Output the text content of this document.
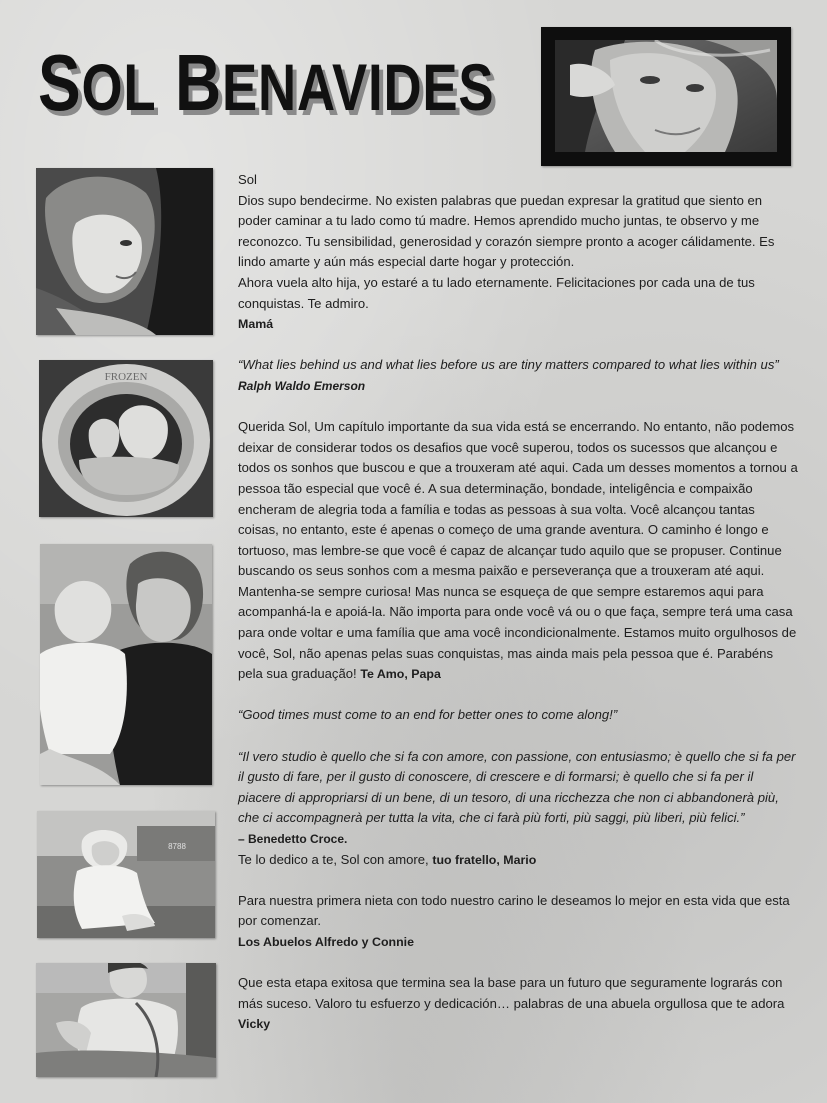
SOL BENAVIDES
FROZEN
8788

Sol

Dios supo bendecirme. No existen palabras que puedan expresar la gratitud que siento en poder caminar a tu lado como tú madre. Hemos aprendido mucho juntas, te observo y me reconozco. Tu sensibilidad, generosidad y corazón siempre pronto a acoger cálidamente. Es lindo amarte y aún más especial darte hogar y protección.

Ahora vuela alto hija, yo estaré a tu lado eternamente. Felicitaciones por cada una de tus conquistas. Te admiro.

Mamá

“What lies behind us and what lies before us are tiny matters compared to what lies within us”

Ralph Waldo Emerson

Querida Sol, Um capítulo importante da sua vida está se encerrando. No entanto, não podemos deixar de considerar todos os desafios que você superou, todos os sucessos que alcançou e todos os sonhos que buscou e que a trouxeram até aqui. Cada um desses momentos a tornou a pessoa tão especial que você é. A sua determinação, bondade, inteligência e compaixão encheram de alegria toda a família e todas as pessoas à sua volta. Você alcançou tantas coisas, no entanto, este é apenas o começo de uma grande aventura. O caminho é longo e tortuoso, mas lembre-se que você é capaz de alcançar tudo aquilo que se propuser. Continue buscando os seus sonhos com a mesma paixão e perseverança que a trouxeram até aqui. Mantenha-se sempre curiosa! Mas nunca se esqueça de que sempre estaremos aqui para acompanhá-la e apoiá-la. Não importa para onde você vá ou o que faça, sempre terá uma casa para onde voltar e uma família que ama você incondicionalmente. Estamos muito orgulhosos de você, Sol, não apenas pelas suas conquistas, mas ainda mais pela pessoa que é. Parabéns pela sua graduação! Te Amo, Papa

“Good times must come to an end for better ones to come along!”

“Il vero studio è quello che si fa con amore, con passione, con entusiasmo; è quello che si fa per il gusto di fare, per il gusto di conoscere, di crescere e di formarsi; è quello che si fa per il piacere di appropriarsi di un bene, di un tesoro, di una ricchezza che non ci abbandonerà più, che ci accompagnerà per tutta la vita, che ci farà più forti, più saggi, più liberi, più felici.”

– Benedetto Croce.

Te lo dedico a te, Sol con amore, tuo fratello, Mario

Para nuestra primera nieta con todo nuestro carino le deseamos lo mejor en esta vida que esta por comenzar.

Los Abuelos Alfredo y Connie

Que esta etapa exitosa que termina sea la base para un futuro que seguramente lograrás con más suceso. Valoro tu esfuerzo y dedicación… palabras de una abuela orgullosa que te adora

Vicky
